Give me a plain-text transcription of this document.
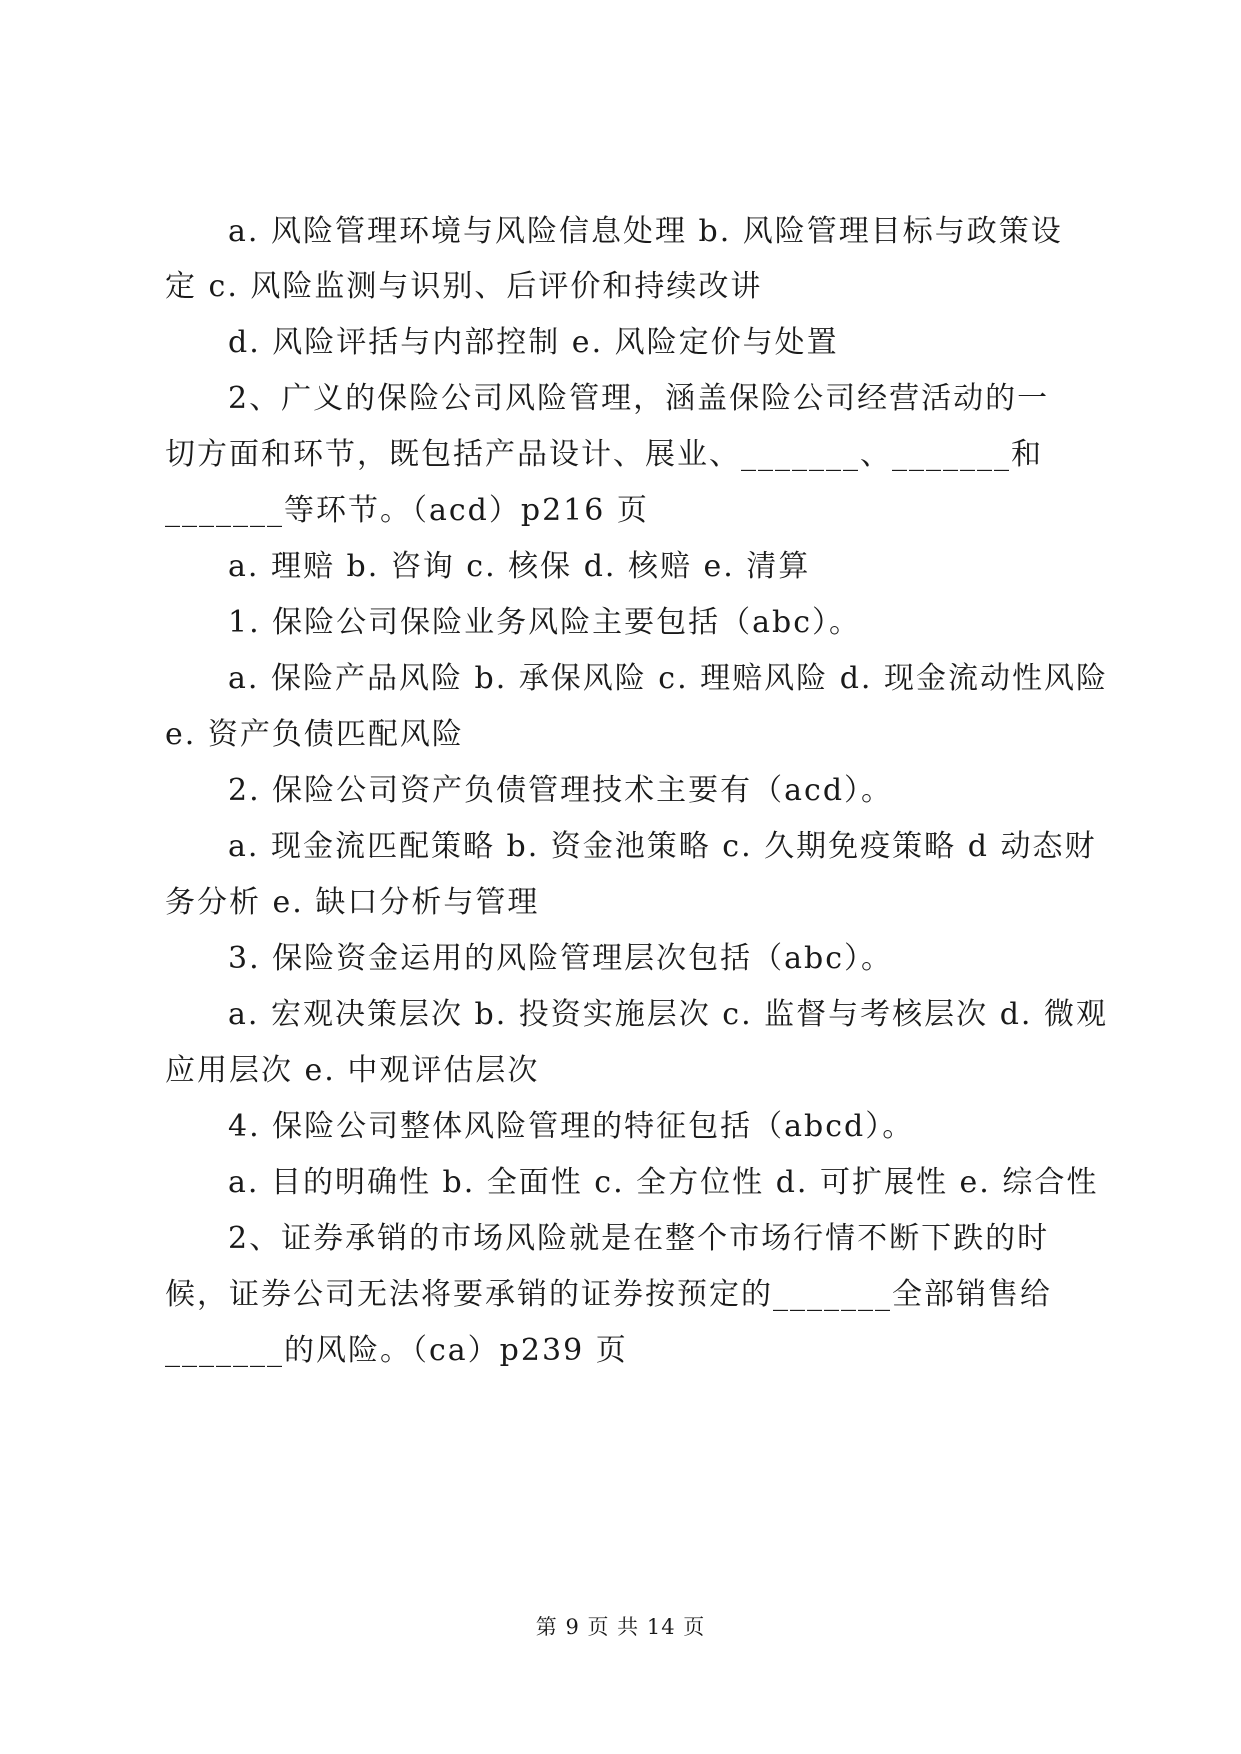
a. 风险管理环境与风险信息处理 b. 风险管理目标与政策设
定 c. 风险监测与识别、后评价和持续改讲
d. 风险评括与内部控制 e. 风险定价与处置
2、广义的保险公司风险管理，涵盖保险公司经营活动的一
切方面和环节，既包括产品设计、展业、_______、_______和
_______等环节。（acd）p216 页
a. 理赔 b. 咨询 c. 核保 d. 核赔 e. 清算
1. 保险公司保险业务风险主要包括（abc）。
a. 保险产品风险 b. 承保风险 c. 理赔风险 d. 现金流动性风险
e. 资产负债匹配风险
2. 保险公司资产负债管理技术主要有（acd）。
a. 现金流匹配策略 b. 资金池策略 c. 久期免疫策略 d 动态财
务分析 e. 缺口分析与管理
3. 保险资金运用的风险管理层次包括（abc）。
a. 宏观决策层次 b. 投资实施层次 c. 监督与考核层次 d. 微观
应用层次 e. 中观评估层次
4. 保险公司整体风险管理的特征包括（abcd）。
a. 目的明确性 b. 全面性 c. 全方位性 d. 可扩展性 e. 综合性
2、证券承销的市场风险就是在整个市场行情不断下跌的时
候，证券公司无法将要承销的证券按预定的_______全部销售给
_______的风险。（ca）p239 页
第 9 页 共 14 页
